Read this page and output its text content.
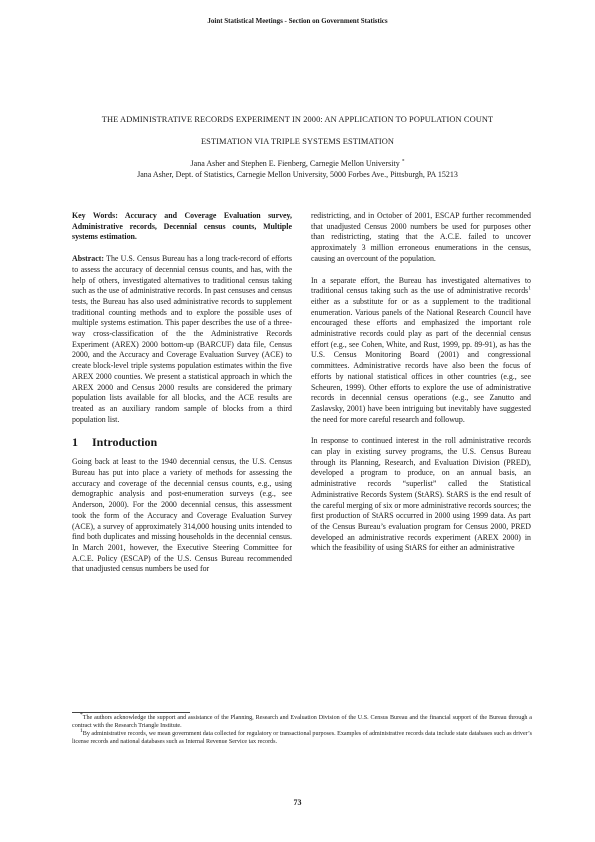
Joint Statistical Meetings - Section on Government Statistics
THE ADMINISTRATIVE RECORDS EXPERIMENT IN 2000: AN APPLICATION TO POPULATION COUNT
ESTIMATION VIA TRIPLE SYSTEMS ESTIMATION
Jana Asher and Stephen E. Fienberg, Carnegie Mellon University *
Jana Asher, Dept. of Statistics, Carnegie Mellon University, 5000 Forbes Ave., Pittsburgh, PA 15213

Key Words: Accuracy and Coverage Evaluation survey, Administrative records, Decennial census counts, Multiple systems estimation.

Abstract: The U.S. Census Bureau has a long track-record of efforts to assess the accuracy of decennial census counts, and has, with the help of others, investigated alternatives to traditional census taking such as the use of administrative records. In past censuses and census tests, the Bureau has also used administrative records to supplement traditional counting methods and to explore the possible uses of multiple systems estimation. This paper describes the use of a three-way cross-classification of the the Administrative Records Experiment (AREX) 2000 bottom-up (BARCUF) data file, Census 2000, and the Accuracy and Coverage Evaluation Survey (ACE) to create block-level triple systems population estimates within the five AREX 2000 counties. We present a statistical approach in which the AREX 2000 and Census 2000 results are considered the primary population lists available for all blocks, and the ACE results are treated as an auxiliary random sample of blocks from a third population list.

1 Introduction

Going back at least to the 1940 decennial census, the U.S. Census Bureau has put into place a variety of methods for assessing the accuracy and coverage of the decennial census counts, e.g., using demographic analysis and post-enumeration surveys (e.g., see Anderson, 2000). For the 2000 decennial census, this assessment took the form of the Accuracy and Coverage Evaluation Survey (ACE), a survey of approximately 314,000 housing units intended to find both duplicates and missing households in the decennial census. In March 2001, however, the Executive Steering Committee for A.C.E. Policy (ESCAP) of the U.S. Census Bureau recommended that unadjusted census numbers be used for

redistricting, and in October of 2001, ESCAP further recommended that unadjusted Census 2000 numbers be used for purposes other than redistricting, stating that the A.C.E. failed to uncover approximately 3 million erroneous enumerations in the census, causing an overcount of the population.

In a separate effort, the Bureau has investigated alternatives to traditional census taking such as the use of administrative records$^1$ either as a substitute for or as a supplement to the traditional enumeration. Various panels of the National Research Council have encouraged these efforts and emphasized the important role administrative records could play as part of the decennial census effort (e.g., see Cohen, White, and Rust, 1999, pp. 89-91), as has the U.S. Census Monitoring Board (2001) and congressional committees. Administrative records have also been the focus of efforts by national statistical offices in other countries (e.g., see Scheuren, 1999). Other efforts to explore the use of administrative records in decennial census operations (e.g., see Zanutto and Zaslavsky, 2001) have been intriguing but inevitably have suggested the need for more careful research and followup.

In response to continued interest in the roll administrative records can play in existing survey programs, the U.S. Census Bureau through its Planning, Research, and Evaluation Division (PRED), developed a program to produce, on an annual basis, an administrative records “superlist” called the Statistical Administrative Records System (StARS). StARS is the end result of the careful merging of six or more administrative records sources; the first production of StARS occurred in 2000 using 1999 data. As part of the Census Bureau’s evaluation program for Census 2000, PRED developed an administrative records experiment (AREX 2000) in which the feasibility of using StARS for either an administrative

*The authors acknowledge the support and assistance of the Planning, Research and Evaluation Division of the U.S. Census Bureau and the financial support of the Bureau through a contract with the Research Triangle Institute.

$^1$By administrative records, we mean government data collected for regulatory or transactional purposes. Examples of administrative records data include state databases such as driver’s license records and national databases such as Internal Revenue Service tax records.

73
